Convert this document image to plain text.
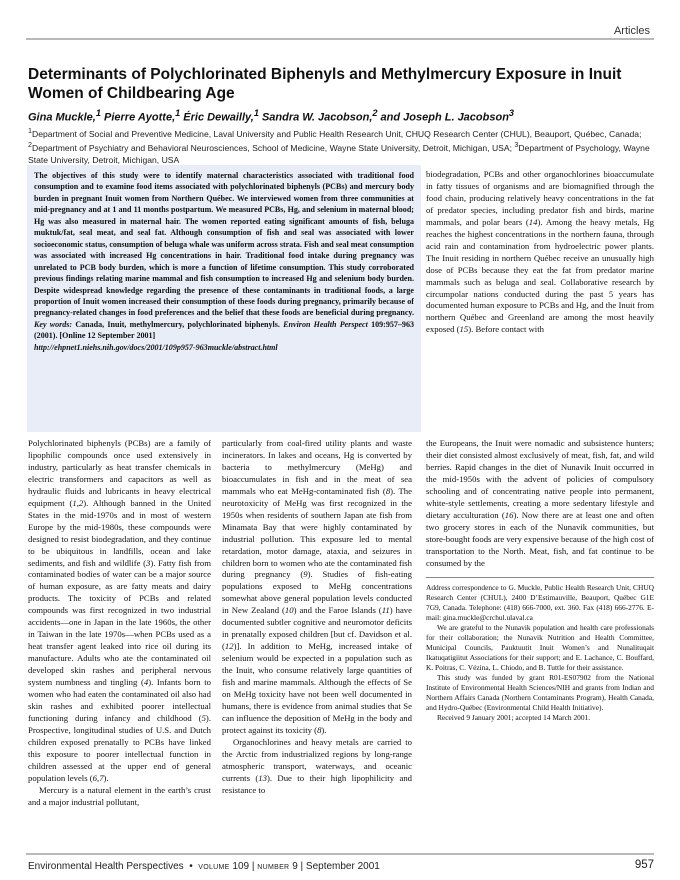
Articles
Determinants of Polychlorinated Biphenyls and Methylmercury Exposure in Inuit Women of Childbearing Age
Gina Muckle,$^1$ Pierre Ayotte,$^1$ Éric Dewailly,$^1$ Sandra W. Jacobson,$^2$ and Joseph L. Jacobson$^3$
$^1$Department of Social and Preventive Medicine, Laval University and Public Health Research Unit, CHUQ Research Center (CHUL), Beauport, Québec, Canada; $^2$Department of Psychiatry and Behavioral Neurosciences, School of Medicine, Wayne State University, Detroit, Michigan, USA; $^3$Department of Psychology, Wayne State University, Detroit, Michigan, USA

The objectives of this study were to identify maternal characteristics associated with traditional food consumption and to examine food items associated with polychlorinated biphenyls (PCBs) and mercury body burden in pregnant Inuit women from Northern Québec. We interviewed women from three communities at mid-pregnancy and at 1 and 11 months postpartum. We measured PCBs, Hg, and selenium in maternal blood; Hg was also measured in maternal hair. The women reported eating significant amounts of fish, beluga muktuk/fat, seal meat, and seal fat. Although consumption of fish and seal was associated with lower socioeconomic status, consumption of beluga whale was uniform across strata. Fish and seal meat consumption was associated with increased Hg concentrations in hair. Traditional food intake during pregnancy was unrelated to PCB body burden, which is more a function of lifetime consumption. This study corroborated previous findings relating marine mammal and fish consumption to increased Hg and selenium body burden. Despite widespread knowledge regarding the presence of these contaminants in traditional foods, a large proportion of Inuit women increased their consumption of these foods during pregnancy, primarily because of pregnancy-related changes in food preferences and the belief that these foods are beneficial during pregnancy. Key words: Canada, Inuit, methylmercury, polychlorinated biphenyls. Environ Health Perspect 109:957–963 (2001). [Online 12 September 2001]
http://ehpnet1.niehs.nih.gov/docs/2001/109p957-963muckle/abstract.html

Polychlorinated biphenyls (PCBs) are a family of lipophilic compounds once used extensively in industry, particularly as heat transfer chemicals in electric transformers and capacitors as well as hydraulic fluids and lubricants in heavy electrical equipment (1,2). Although banned in the United States in the mid-1970s and in most of western Europe by the mid-1980s, these compounds were designed to resist biodegradation, and they continue to be ubiquitous in landfills, ocean and lake sediments, and fish and wildlife (3). Fatty fish from contaminated bodies of water can be a major source of human exposure, as are fatty meats and dairy products. The toxicity of PCBs and related compounds was first recognized in two industrial accidents—one in Japan in the late 1960s, the other in Taiwan in the late 1970s—when PCBs used as a heat transfer agent leaked into rice oil during its manufacture. Adults who ate the contaminated oil developed skin rashes and peripheral nervous system numbness and tingling (4). Infants born to women who had eaten the contaminated oil also had skin rashes and exhibited poorer intellectual functioning during infancy and childhood (5). Prospective, longitudinal studies of U.S. and Dutch children exposed prenatally to PCBs have linked this exposure to poorer intellectual function in children assessed at the upper end of general population levels (6,7).

Mercury is a natural element in the earth’s crust and a major industrial pollutant,

particularly from coal-fired utility plants and waste incinerators. In lakes and oceans, Hg is converted by bacteria to methylmercury (MeHg) and bioaccumulates in fish and in the meat of sea mammals who eat MeHg-contaminated fish (8). The neurotoxicity of MeHg was first recognized in the 1950s when residents of southern Japan ate fish from Minamata Bay that were highly contaminated by industrial pollution. This exposure led to mental retardation, motor damage, ataxia, and seizures in children born to women who ate the contaminated fish during pregnancy (9). Studies of fish-eating populations exposed to MeHg concentrations somewhat above general population levels conducted in New Zealand (10) and the Faroe Islands (11) have documented subtler cognitive and neuromotor deficits in prenatally exposed children [but cf. Davidson et al. (12)]. In addition to MeHg, increased intake of selenium would be expected in a population such as the Inuit, who consume relatively large quantities of fish and marine mammals. Although the effects of Se on MeHg toxicity have not been well documented in humans, there is evidence from animal studies that Se can influence the deposition of MeHg in the body and protect against its toxicity (8).

Organochlorines and heavy metals are carried to the Arctic from industrialized regions by long-range atmospheric transport, waterways, and oceanic currents (13). Due to their high lipophilicity and resistance to

biodegradation, PCBs and other organochlorines bioaccumulate in fatty tissues of organisms and are biomagnified through the food chain, producing relatively heavy concentrations in the fat of predator species, including predator fish and birds, marine mammals, and polar bears (14). Among the heavy metals, Hg reaches the highest concentrations in the northern fauna, through acid rain and contamination from hydroelectric power plants. The Inuit residing in northern Québec receive an unusually high dose of PCBs because they eat the fat from predator marine mammals such as beluga and seal. Collaborative research by circumpolar nations conducted during the past 5 years has documented human exposure to PCBs and Hg, and the Inuit from northern Québec and Greenland are among the most heavily exposed (15). Before contact with

the Europeans, the Inuit were nomadic and subsistence hunters; their diet consisted almost exclusively of meat, fish, fat, and wild berries. Rapid changes in the diet of Nunavik Inuit occurred in the mid-1950s with the advent of policies of compulsory schooling and of concentrating native people into permanent, white-style settlements, creating a more sedentary lifestyle and dietary acculturation (16). Now there are at least one and often two grocery stores in each of the Nunavik communities, but store-bought foods are very expensive because of the high cost of transportation to the North. Meat, fish, and fat continue to be consumed by the

Address correspondence to G. Muckle, Public Health Research Unit, CHUQ Research Center (CHUL), 2400 D’Estimauville, Beauport, Québec G1E 7G9, Canada. Telephone: (418) 666-7000, ext. 360. Fax (418) 666-2776. E-mail: gina.muckle@crchul.ulaval.ca

We are grateful to the Nunavik population and health care professionals for their collaboration; the Nunavik Nutrition and Health Committee, Municipal Councils, Pauktuutit Inuit Women’s and Nunalituqait Ikatuqatigiitut Associations for their support; and E. Lachance, C. Bouffard, K. Poitras, C. Vézina, L. Chiodo, and B. Tuttle for their assistance.

This study was funded by grant R01-ES07902 from the National Institute of Environmental Health Sciences/NIH and grants from Indian and Northern Affairs Canada (Northern Contaminants Program), Health Canada, and Hydro-Québec (Environmental Child Health Initiative).

Received 9 January 2001; accepted 14 March 2001.

Environmental Health Perspectives  •  VOLUME 109 | NUMBER 9 | September 2001	957
